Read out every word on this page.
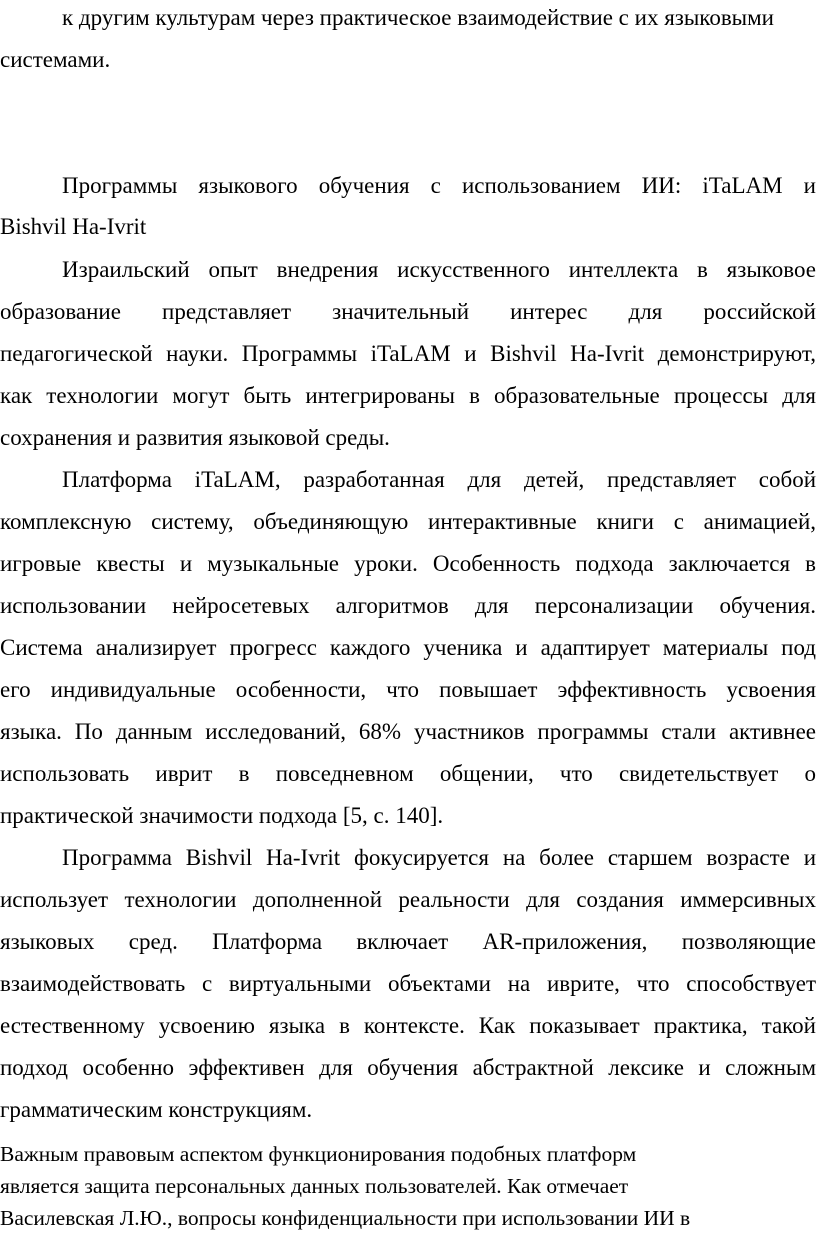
к другим культурам через практическое взаимодействие с их языковыми
системами.
Программы языкового обучения с использованием ИИ: iTaLAM и
Bishvil Ha-Ivrit
Израильский опыт внедрения искусственного интеллекта в языковое
образование представляет значительный интерес для российской
педагогической науки. Программы iTaLAM и Bishvil Ha-Ivrit демонстрируют,
как технологии могут быть интегрированы в образовательные процессы для
сохранения и развития языковой среды.
Платформа iTaLAM, разработанная для детей, представляет собой
комплексную систему, объединяющую интерактивные книги с анимацией,
игровые квесты и музыкальные уроки. Особенность подхода заключается в
использовании нейросетевых алгоритмов для персонализации обучения.
Система анализирует прогресс каждого ученика и адаптирует материалы под
его индивидуальные особенности, что повышает эффективность усвоения
языка. По данным исследований, 68% участников программы стали активнее
использовать иврит в повседневном общении, что свидетельствует о
практической значимости подхода [5, с. 140].
Программа Bishvil Ha-Ivrit фокусируется на более старшем возрасте и
использует технологии дополненной реальности для создания иммерсивных
языковых сред. Платформа включает AR-приложения, позволяющие
взаимодействовать с виртуальными объектами на иврите, что способствует
естественному усвоению языка в контексте. Как показывает практика, такой
подход особенно эффективен для обучения абстрактной лексике и сложным
грамматическим конструкциям.
Важным правовым аспектом функционирования подобных платформ
является защита персональных данных пользователей. Как отмечает
Василевская Л.Ю., вопросы конфиденциальности при использовании ИИ в
